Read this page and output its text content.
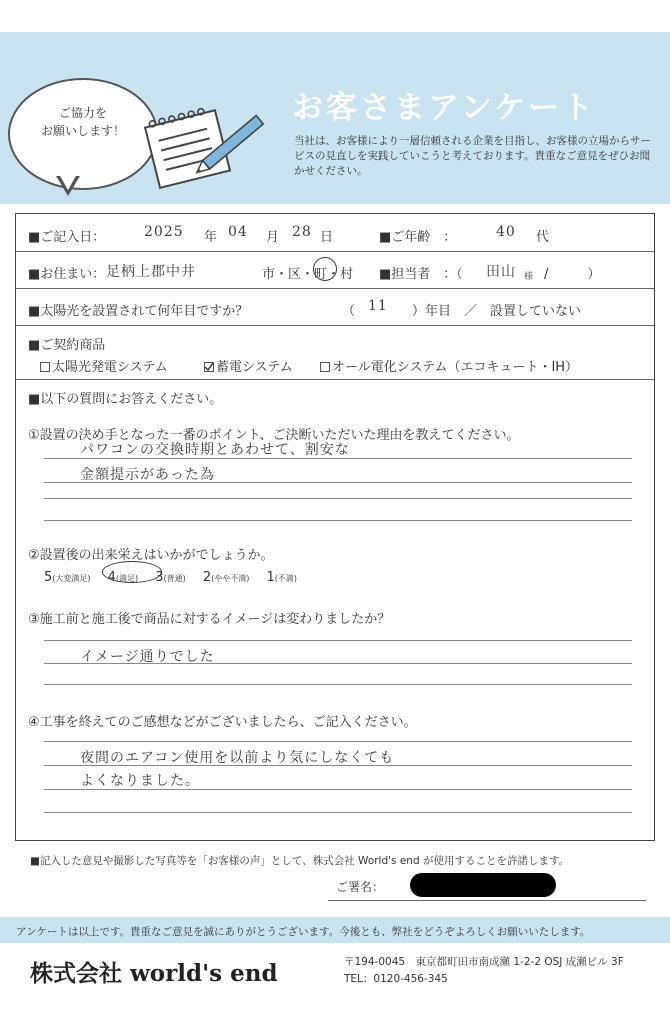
ご協力を
お願いします！
お客さまアンケート
当社は、お客様により一層信頼される企業を目指し、お客様の立場からサービスの見直しを実践していこうと考えております。貴重なご意見をぜひお聞かせください。
■ご記入日：	2025 年 04 月 28 日	■ご年齢　：	40 代
■お住まい： 足柄上郡中井	市・区・町・村 ■担当者　：（ 田山 様 /　　　）
■太陽光を設置されて何年目ですか？	（ 11 ）年目　／　設置していない
■ご契約商品
太陽光発電システム	蓄電システム	オール電化システム（エコキュート・IH）
■以下の質問にお答えください。
①設置の決め手となった一番のポイント、ご決断いただいた理由を教えてください。
パワコンの交換時期とあわせて、割安な
金額提示があった為
②設置後の出来栄えはいかがでしょうか。
5(大変満足) 4(満足) 3(普通) 2(やや不満) 1(不満)
③施工前と施工後で商品に対するイメージは変わりましたか？
イメージ通りでした
④工事を終えてのご感想などがございましたら、ご記入ください。
夜間のエアコン使用を以前より気にしなくても
よくなりました。
■記入した意見や撮影した写真等を「お客様の声」として、株式会社 World's end が使用することを許諾します。
ご署名：
アンケートは以上です。貴重なご意見を誠にありがとうございます。今後とも、弊社をどうぞよろしくお願いいたします。
株式会社 world's end	〒194-0045　東京都町田市南成瀬 1-2-2 OSJ 成瀬ビル 3F
TEL：0120-456-345
